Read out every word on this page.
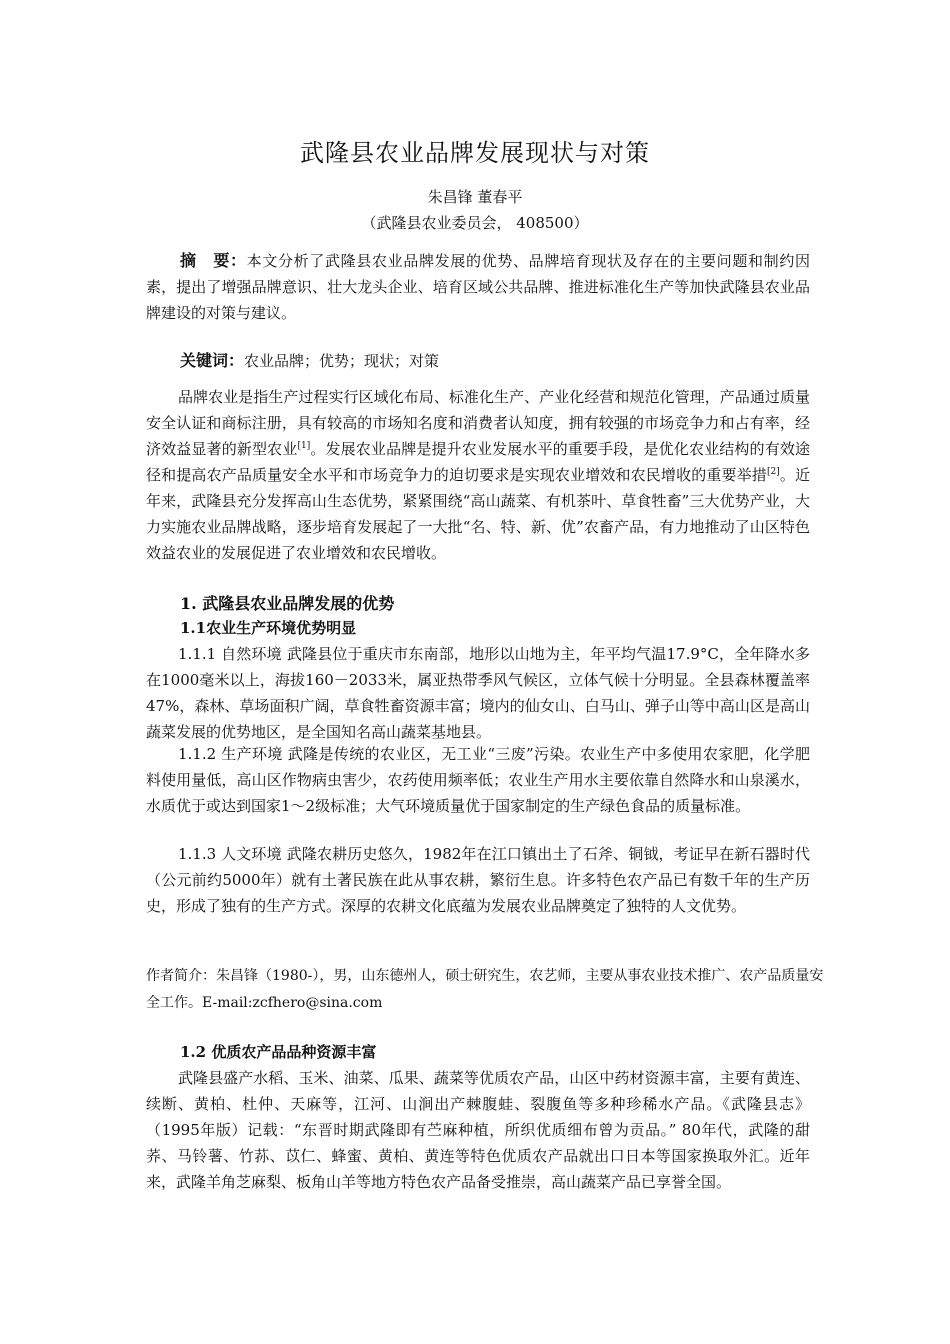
武隆县农业品牌发展现状与对策
朱昌锋 董春平
（武隆县农业委员会， 408500）
摘　要：本文分析了武隆县农业品牌发展的优势、品牌培育现状及存在的主要问题和制约因素，提出了增强品牌意识、壮大龙头企业、培育区域公共品牌、推进标准化生产等加快武隆县农业品牌建设的对策与建议。
关键词：农业品牌；优势；现状；对策
品牌农业是指生产过程实行区域化布局、标准化生产、产业化经营和规范化管理，产品通过质量安全认证和商标注册，具有较高的市场知名度和消费者认知度，拥有较强的市场竞争力和占有率，经济效益显著的新型农业[1]。发展农业品牌是提升农业发展水平的重要手段，是优化农业结构的有效途径和提高农产品质量安全水平和市场竞争力的迫切要求是实现农业增效和农民增收的重要举措[2]。近年来，武隆县充分发挥高山生态优势，紧紧围绕“高山蔬菜、有机茶叶、草食牲畜”三大优势产业，大力实施农业品牌战略，逐步培育发展起了一大批“名、特、新、优”农畜产品，有力地推动了山区特色效益农业的发展促进了农业增效和农民增收。
1. 武隆县农业品牌发展的优势
1.1农业生产环境优势明显
1.1.1 自然环境 武隆县位于重庆市东南部，地形以山地为主，年平均气温17.9°C，全年降水多在1000毫米以上，海拔160－2033米，属亚热带季风气候区，立体气候十分明显。全县森林覆盖率47%，森林、草场面积广阔，草食牲畜资源丰富；境内的仙女山、白马山、弹子山等中高山区是高山蔬菜发展的优势地区，是全国知名高山蔬菜基地县。
1.1.2 生产环境 武隆是传统的农业区，无工业“三废”污染。农业生产中多使用农家肥，化学肥料使用量低，高山区作物病虫害少，农药使用频率低；农业生产用水主要依靠自然降水和山泉溪水，水质优于或达到国家1～2级标准；大气环境质量优于国家制定的生产绿色食品的质量标准。
1.1.3 人文环境 武隆农耕历史悠久，1982年在江口镇出土了石斧、铜钺，考证早在新石器时代（公元前约5000年）就有土著民族在此从事农耕，繁衍生息。许多特色农产品已有数千年的生产历史，形成了独有的生产方式。深厚的农耕文化底蕴为发展农业品牌奠定了独特的人文优势。
作者简介：朱昌锋（1980-），男，山东德州人，硕士研究生，农艺师，主要从事农业技术推广、农产品质量安全工作。E-mail:zcfhero@sina.com
1.2 优质农产品品种资源丰富
武隆县盛产水稻、玉米、油菜、瓜果、蔬菜等优质农产品，山区中药材资源丰富，主要有黄连、续断、黄柏、杜仲、天麻等，江河、山涧出产棘腹蛙、裂腹鱼等多种珍稀水产品。《武隆县志》（1995年版）记载：“东晋时期武隆即有苎麻种植，所织优质细布曾为贡品。” 80年代，武隆的甜荞、马铃薯、竹荪、苡仁、蜂蜜、黄柏、黄连等特色优质农产品就出口日本等国家换取外汇。近年来，武隆羊角芝麻梨、板角山羊等地方特色农产品备受推崇，高山蔬菜产品已享誉全国。
